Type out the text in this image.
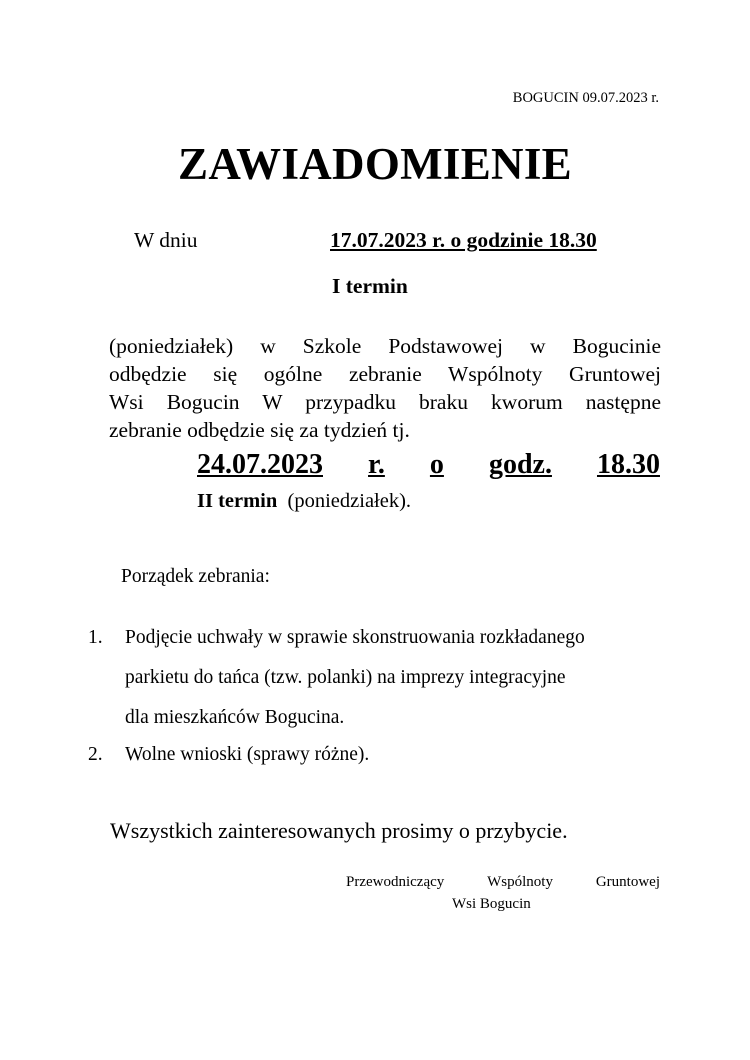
BOGUCIN 09.07.2023 r.
ZAWIADOMIENIE
W dniu	17.07.2023 r. o godzinie 18.30
I termin
(poniedziałek) w Szkole Podstawowej w Bogucinie
odbędzie się ogólne zebranie Wspólnoty Gruntowej
Wsi Bogucin W przypadku braku kworum następne
zebranie odbędzie się za tydzień tj.
24.07.2023 r. o godz. 18.30
II termin (poniedziałek).
Porządek zebrania:
1. Podjęcie uchwały w sprawie skonstruowania rozkładanego
parkietu do tańca (tzw. polanki) na imprezy integracyjne
dla mieszkańców Bogucina.
2. Wolne wnioski (sprawy różne).
Wszystkich zainteresowanych prosimy o przybycie.
Przewodniczący	Wspólnoty	Gruntowej
Wsi Bogucin
